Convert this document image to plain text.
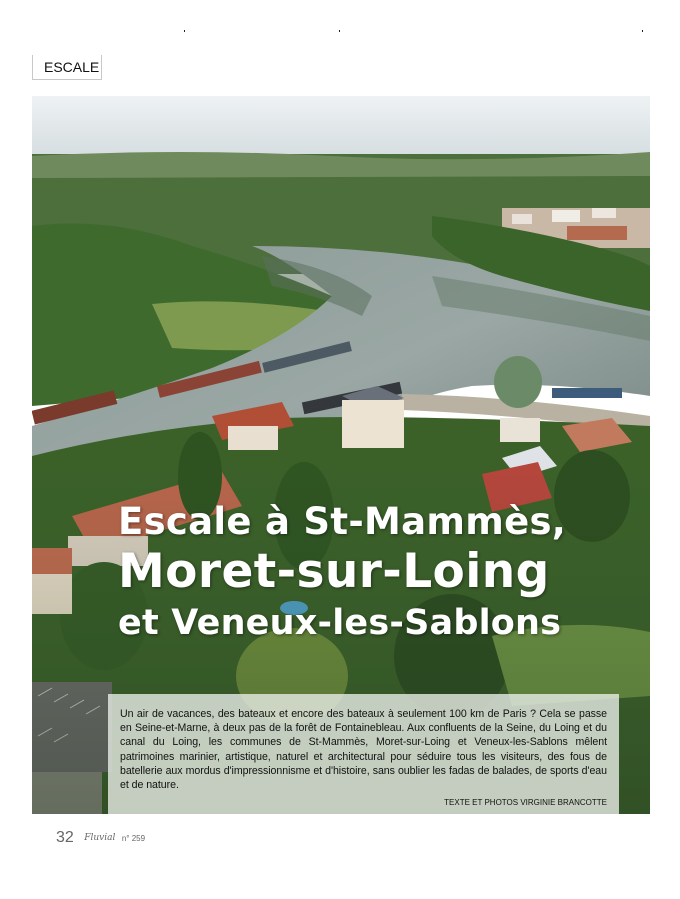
ESCALE
Escale à St-Mammès,
Moret-sur-Loing
et Veneux-les-Sablons

Un air de vacances, des bateaux et encore des bateaux à seulement 100 km de Paris ? Cela se passe en Seine-et-Marne, à deux pas de la forêt de Fontainebleau. Aux confluents de la Seine, du Loing et du canal du Loing, les communes de St-Mammès, Moret-sur-Loing et Veneux-les-Sablons mêlent patrimoines marinier, artistique, naturel et architectural pour séduire tous les visiteurs, des fous de batellerie aux mordus d'impressionnisme et d'histoire, sans oublier les fadas de balades, de sports d'eau et de nature.

TEXTE ET PHOTOS VIRGINIE BRANCOTTE

32 Fluvial n° 259
